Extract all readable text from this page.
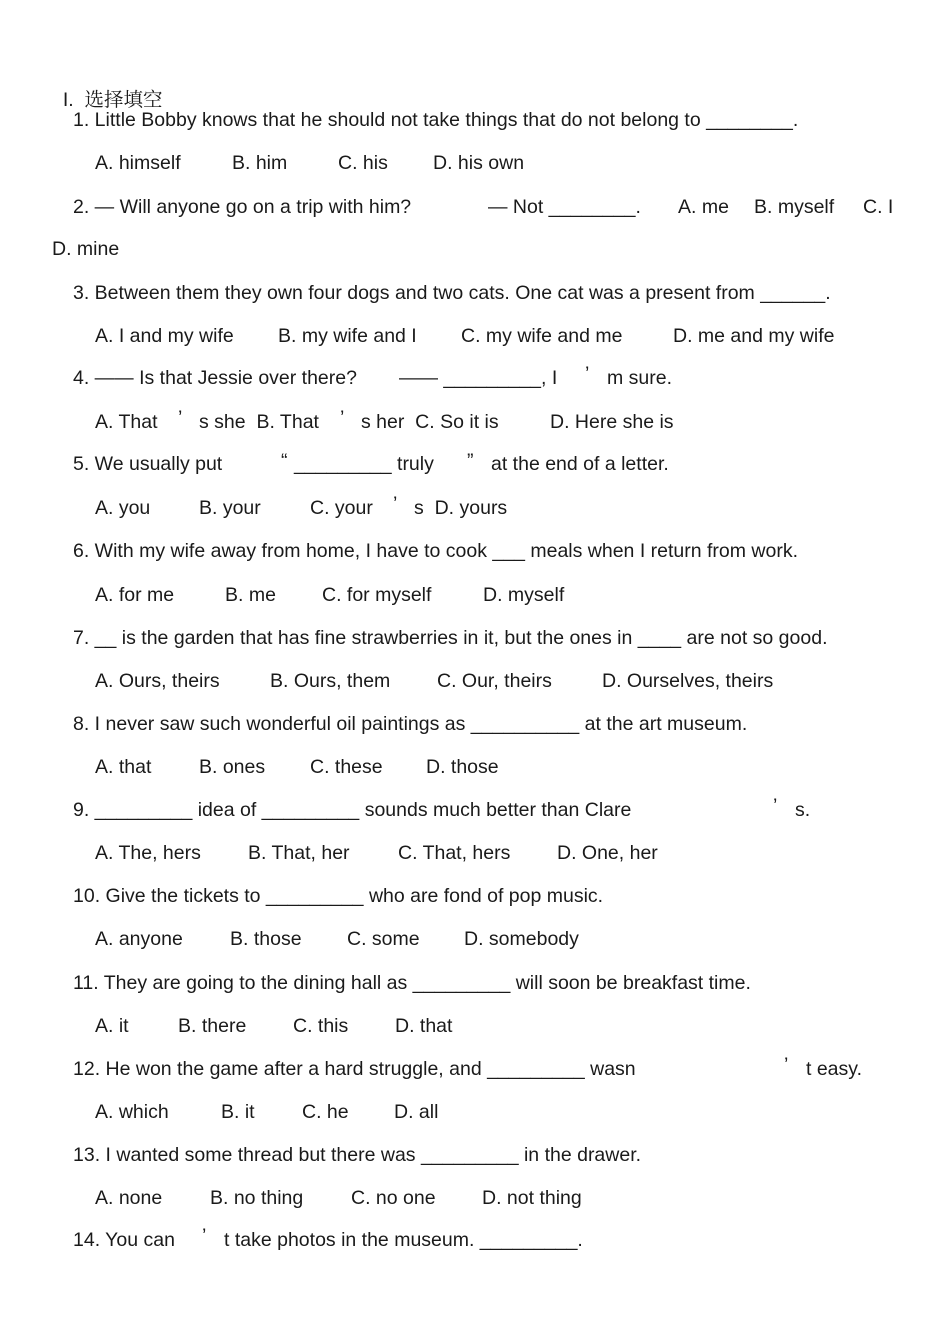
I. 选择填空

1. Little Bobby knows that he should not take things that do not belong to ________.
A. himself	B. him	C. his D. his own
2. — Will anyone go on a trip with him?	— Not ________. A. me B. myself C. I
D. mine
3. Between them they own four dogs and two cats. One cat was a present from ______.
A. I and my wife B. my wife and I C. my wife and me	D. me and my wife
4. —— Is that Jessie over there? —— _________, I ’ m sure.
A. That ’ s she  B. That ’ s her  C. So it is	D. Here she is
5. We usually put	“ _________ truly ” at the end of a letter.
A. you B. your	C. your ’ s  D. yours
6. With my wife away from home, I have to cook ___ meals when I return from work.
A. for me	B. me C. for myself	D. myself
7. __ is the garden that has fine strawberries in it, but the ones in ____ are not so good.
A. Ours, theirs	B. Ours, them C. Our, theirs	D. Ourselves, theirs
8. I never saw such wonderful oil paintings as __________ at the art museum.
A. that B. ones C. these D. those
9. _________ idea of _________ sounds much better than Clare	’ s.
A. The, hers B. That, her C. That, hers D. One, her
10. Give the tickets to _________ who are fond of pop music.
A. anyone B. those C. some D. somebody
11. They are going to the dining hall as _________ will soon be breakfast time.
A. it	B. there C. this D. that
12. He won the game after a hard struggle, and _________ wasn	’ t easy.
A. which	B. it C. he D. all
13. I wanted some thread but there was _________ in the drawer.
A. none B. no thing C. no one D. not thing
14. You can ’ t take photos in the museum. _________.
